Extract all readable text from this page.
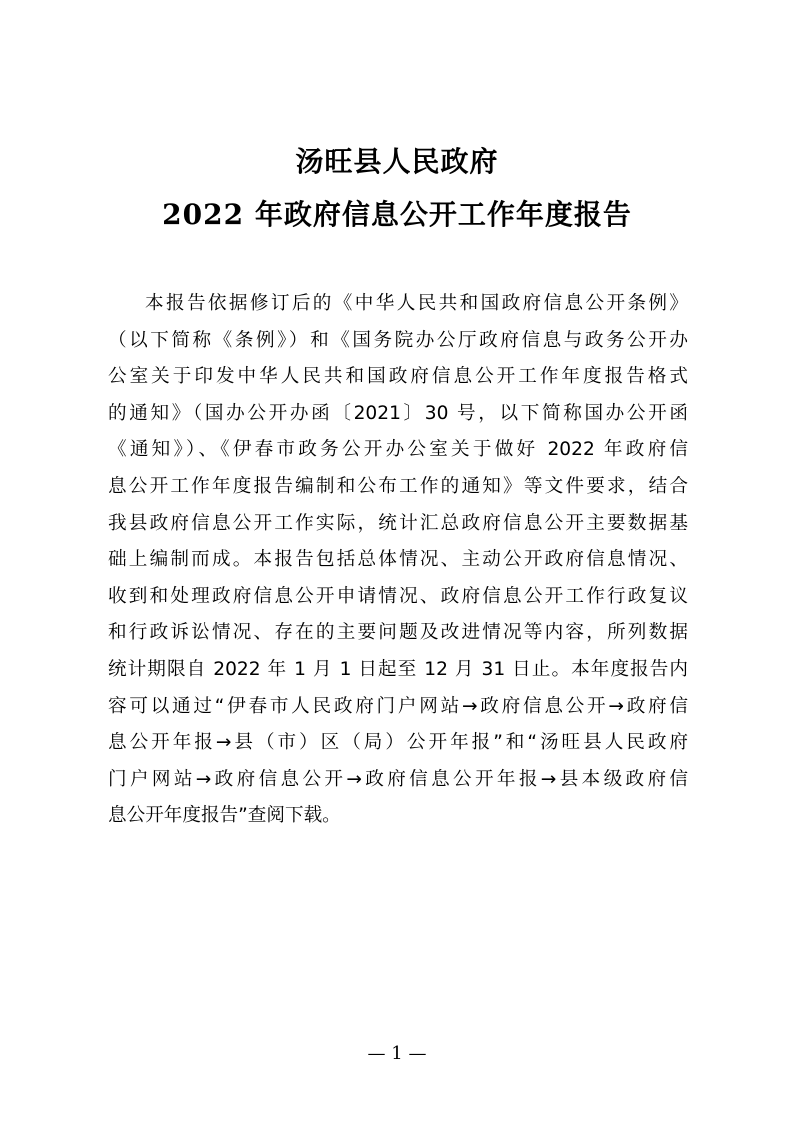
汤旺县人民政府
2022 年政府信息公开工作年度报告
本报告依据修订后的《中华人民共和国政府信息公开条例》
（以下简称《条例》）和《国务院办公厅政府信息与政务公开办
公室关于印发中华人民共和国政府信息公开工作年度报告格式
的通知》（国办公开办函〔2021〕30 号，以下简称国办公开函
《通知》）、《伊春市政务公开办公室关于做好 2022 年政府信
息公开工作年度报告编制和公布工作的通知》等文件要求，结合
我县政府信息公开工作实际，统计汇总政府信息公开主要数据基
础上编制而成。本报告包括总体情况、主动公开政府信息情况、
收到和处理政府信息公开申请情况、政府信息公开工作行政复议
和行政诉讼情况、存在的主要问题及改进情况等内容，所列数据
统计期限自 2022 年 1 月 1 日起至 12 月 31 日止。本年度报告内
容可以通过“伊春市人民政府门户网站→政府信息公开→政府信
息公开年报→县（市）区（局）公开年报”和“汤旺县人民政府
门户网站→政府信息公开→政府信息公开年报→县本级政府信
息公开年度报告”查阅下载。
— 1 —
